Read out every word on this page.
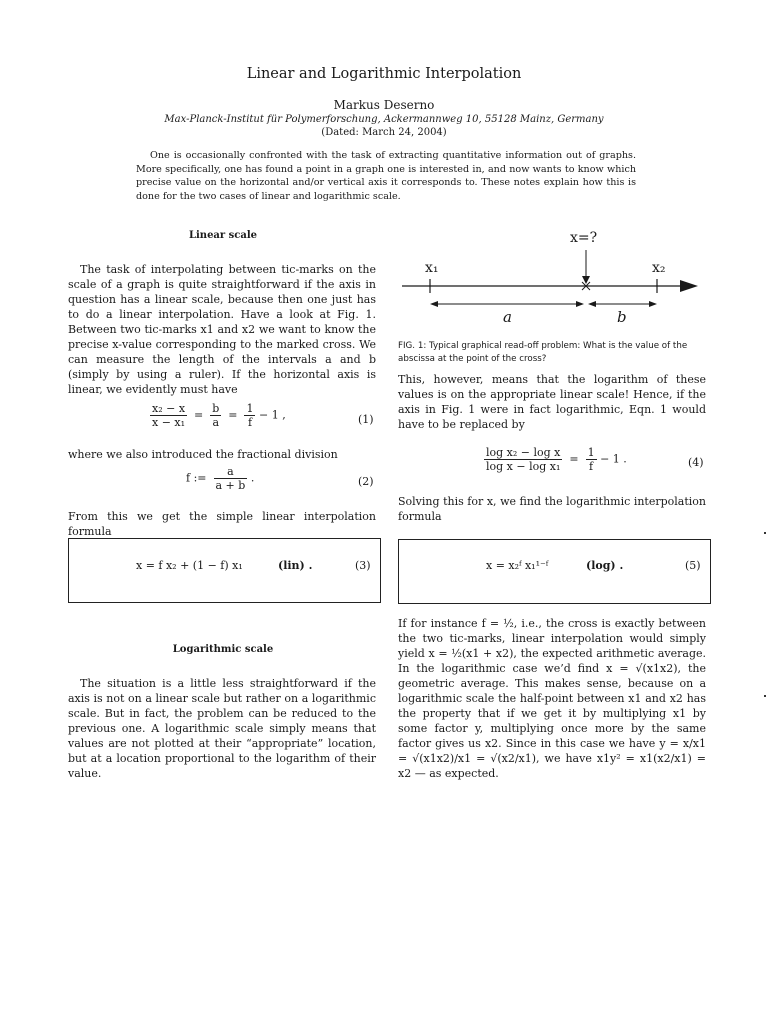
Linear and Logarithmic Interpolation
Markus Deserno
Max-Planck-Institut für Polymerforschung, Ackermannweg 10, 55128 Mainz, Germany
(Dated: March 24, 2004)

One is occasionally confronted with the task of extracting quantitative information out of graphs. More specifically, one has found a point in a graph one is interested in, and now wants to know which precise value on the horizontal and/or vertical axis it corresponds to. These notes explain how this is done for the two cases of linear and logarithmic scale.

Linear scale

The task of interpolating between tic-marks on the scale of a graph is quite straightforward if the axis in question has a linear scale, because then one just has to do a linear interpolation. Have a look at Fig. 1. Between two tic-marks x1 and x2 we want to know the precise x-value corresponding to the marked cross. We can measure the length of the intervals a and b (simply by using a ruler). If the horizontal axis is linear, we evidently must have

$\frac{\text{x₂ − x}}{\text{x − x₁}} = \frac{b}{a} = \frac{1}{f} - 1$ ,	(1)

where we also introduced the fractional division

f := $\frac{a}{a + b}$ .	(2)

From this we get the simple linear interpolation formula

x = f x₂ + (1 − f) x₁	(lin) .	(3)
Logarithmic scale

The situation is a little less straightforward if the axis is not on a linear scale but rather on a logarithmic scale. But in fact, the problem can be reduced to the previous one. A logarithmic scale simply means that values are not plotted at their “appropriate” location, but at a location proportional to the logarithm of their value.

x=?
x₁	x₂
a	b

FIG. 1: Typical graphical read-off problem: What is the value of the abscissa at the point of the cross?

This, however, means that the logarithm of these values is on the appropriate linear scale! Hence, if the axis in Fig. 1 were in fact logarithmic, Eqn. 1 would have to be replaced by

$\frac{\text{log x₂ − log x}}{\text{log x − log x₁}} = \frac{1}{f} - 1$ .	(4)

Solving this for x, we find the logarithmic interpolation formula

x = x₂ᶠ x₁¹⁻ᶠ	(log) .	(5)

If for instance f = ½, i.e., the cross is exactly between the two tic-marks, linear interpolation would simply yield x = ½(x1 + x2), the expected arithmetic average. In the logarithmic case we’d find x = √(x1x2), the geometric average. This makes sense, because on a logarithmic scale the half-point between x1 and x2 has the property that if we get it by multiplying x1 by some factor y, multiplying once more by the same factor gives us x2. Since in this case we have y = x/x1 = √(x1x2)/x1 = √(x2/x1), we have x1y² = x1(x2/x1) = x2 — as expected.
